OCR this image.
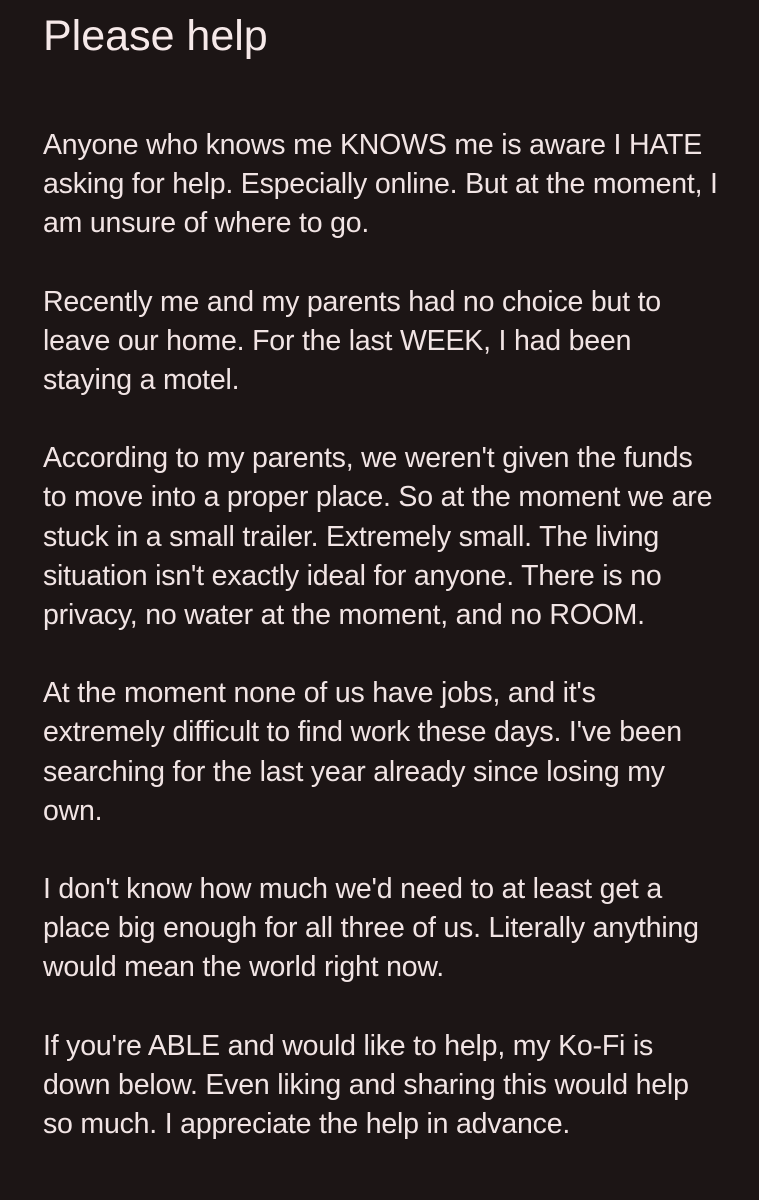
Please help

Anyone who knows me KNOWS me is aware I HATE asking for help. Especially online. But at the moment, I am unsure of where to go.

Recently me and my parents had no choice but to leave our home. For the last WEEK, I had been staying a motel.

According to my parents, we weren't given the funds to move into a proper place. So at the moment we are stuck in a small trailer. Extremely small. The living situation isn't exactly ideal for anyone. There is no privacy, no water at the moment, and no ROOM.

At the moment none of us have jobs, and it's extremely difficult to find work these days. I've been searching for the last year already since losing my own.

I don't know how much we'd need to at least get a place big enough for all three of us. Literally anything would mean the world right now.

If you're ABLE and would like to help, my Ko-Fi is down below. Even liking and sharing this would help so much. I appreciate the help in advance.
